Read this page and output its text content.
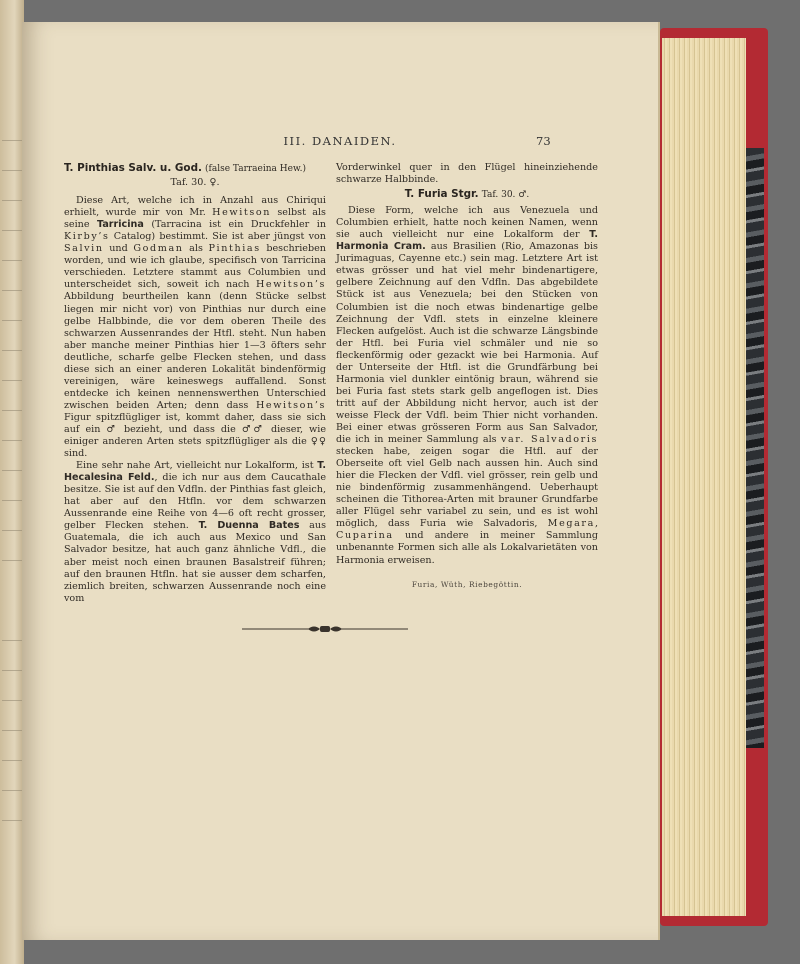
III. DANAIDEN.	73
T. Pinthias Salv. u. God. (false Tarraeina Hew.)
Taf. 30. ♀.

Diese Art, welche ich in Anzahl aus Chiriqui erhielt, wurde mir von Mr. Hewitson selbst als seine Tarricina (Tarracina ist ein Druckfehler in Kirby’s Catalog) bestimmt. Sie ist aber jüngst von Salvin und Godman als Pinthias beschrieben worden, und wie ich glaube, specifisch von Tarricina verschieden. Letztere stammt aus Columbien und unterscheidet sich, soweit ich nach Hewitson’s Abbildung beurtheilen kann (denn Stücke selbst liegen mir nicht vor) von Pinthias nur durch eine gelbe Halbbinde, die vor dem oberen Theile des schwarzen Aussenrandes der Htfl. steht. Nun haben aber manche meiner Pinthias hier 1—3 öfters sehr deutliche, scharfe gelbe Flecken stehen, und dass diese sich an einer anderen Lokalität bindenförmig vereinigen, wäre keineswegs auffallend. Sonst entdecke ich keinen nennenswerthen Unterschied zwischen beiden Arten; denn dass Hewitson’s Figur spitzflügliger ist, kommt daher, dass sie sich auf ein ♂ bezieht, und dass die ♂♂ dieser, wie einiger anderen Arten stets spitzflügliger als die ♀♀ sind.

Eine sehr nahe Art, vielleicht nur Lokalform, ist T. Hecalesina Feld., die ich nur aus dem Caucathale besitze. Sie ist auf den Vdfln. der Pinthias fast gleich, hat aber auf den Htfln. vor dem schwarzen Aussenrande eine Reihe von 4—6 oft recht grosser, gelber Flecken stehen. T. Duenna Bates aus Guatemala, die ich auch aus Mexico und San Salvador besitze, hat auch ganz ähnliche Vdfl., die aber meist noch einen braunen Basalstreif führen; auf den braunen Htfln. hat sie ausser dem scharfen, ziemlich breiten, schwarzen Aussenrande noch eine vom

Vorderwinkel quer in den Flügel hineinziehende schwarze Halbbinde.

T. Furia Stgr. Taf. 30. ♂.

Diese Form, welche ich aus Venezuela und Columbien erhielt, hatte noch keinen Namen, wenn sie auch vielleicht nur eine Lokalform der T. Harmonia Cram. aus Brasilien (Rio, Amazonas bis Jurimaguas, Cayenne etc.) sein mag. Letztere Art ist etwas grösser und hat viel mehr bindenartigere, gelbere Zeichnung auf den Vdfln. Das abgebildete Stück ist aus Venezuela; bei den Stücken von Columbien ist die noch etwas bindenartige gelbe Zeichnung der Vdfl. stets in einzelne kleinere Flecken aufgelöst. Auch ist die schwarze Längsbinde der Htfl. bei Furia viel schmäler und nie so fleckenförmig oder gezackt wie bei Harmonia. Auf der Unterseite der Htfl. ist die Grundfärbung bei Harmonia viel dunkler eintönig braun, während sie bei Furia fast stets stark gelb angeflogen ist. Dies tritt auf der Abbildung nicht hervor, auch ist der weisse Fleck der Vdfl. beim Thier nicht vorhanden. Bei einer etwas grösseren Form aus San Salvador, die ich in meiner Sammlung als var. Salvadoris stecken habe, zeigen sogar die Htfl. auf der Oberseite oft viel Gelb nach aussen hin. Auch sind hier die Flecken der Vdfl. viel grösser, rein gelb und nie bindenförmig zusammenhängend. Ueberhaupt scheinen die Tithorea-Arten mit brauner Grundfarbe aller Flügel sehr variabel zu sein, und es ist wohl möglich, dass Furia wie Salvadoris, Megara, Cuparina und andere in meiner Sammlung unbenannte Formen sich alle als Lokalvarietäten von Harmonia erweisen.

Furia, Wüth, Riebegöttin.
